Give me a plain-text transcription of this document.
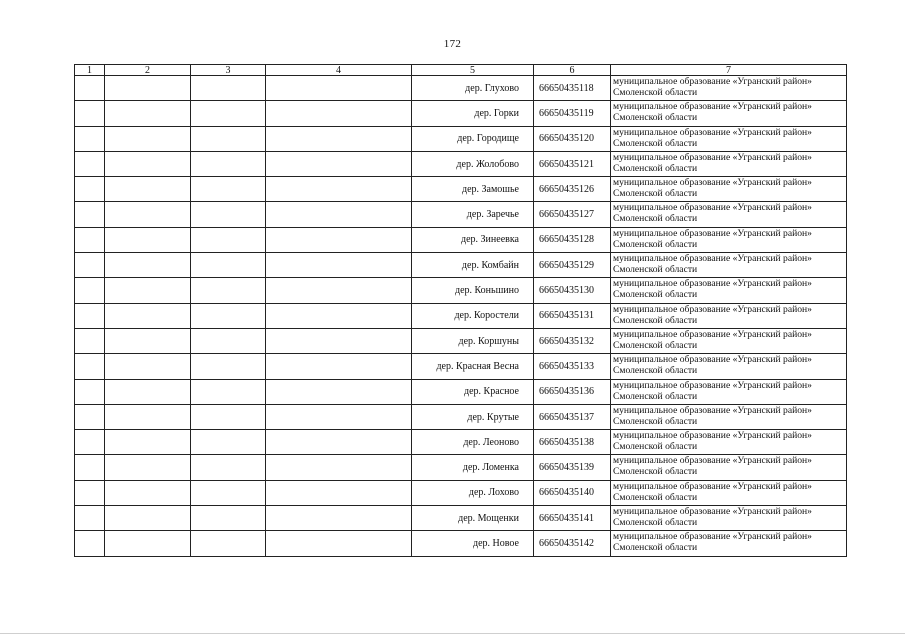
172
1	2	3	4	5	6	7
				дер. Глухово	66650435118	муниципальное образование «Угранский район»
Смоленской области

				дер. Горки	66650435119	муниципальное образование «Угранский район»
Смоленской области

				дер. Городище	66650435120	муниципальное образование «Угранский район»
Смоленской области

				дер. Жолобово	66650435121	муниципальное образование «Угранский район»
Смоленской области

				дер. Замошье	66650435126	муниципальное образование «Угранский район»
Смоленской области

				дер. Заречье	66650435127	муниципальное образование «Угранский район»
Смоленской области

				дер. Зинеевка	66650435128	муниципальное образование «Угранский район»
Смоленской области

				дер. Комбайн	66650435129	муниципальное образование «Угранский район»
Смоленской области

				дер. Коньшино	66650435130	муниципальное образование «Угранский район»
Смоленской области

				дер. Коростели	66650435131	муниципальное образование «Угранский район»
Смоленской области

				дер. Коршуны	66650435132	муниципальное образование «Угранский район»
Смоленской области

				дер. Красная Весна	66650435133	муниципальное образование «Угранский район»
Смоленской области

				дер. Красное	66650435136	муниципальное образование «Угранский район»
Смоленской области

				дер. Крутые	66650435137	муниципальное образование «Угранский район»
Смоленской области

				дер. Леоново	66650435138	муниципальное образование «Угранский район»
Смоленской области

				дер. Ломенка	66650435139	муниципальное образование «Угранский район»
Смоленской области

				дер. Лохово	66650435140	муниципальное образование «Угранский район»
Смоленской области

				дер. Мощенки	66650435141	муниципальное образование «Угранский район»
Смоленской области

				дер. Новое	66650435142	муниципальное образование «Угранский район»
Смоленской области
